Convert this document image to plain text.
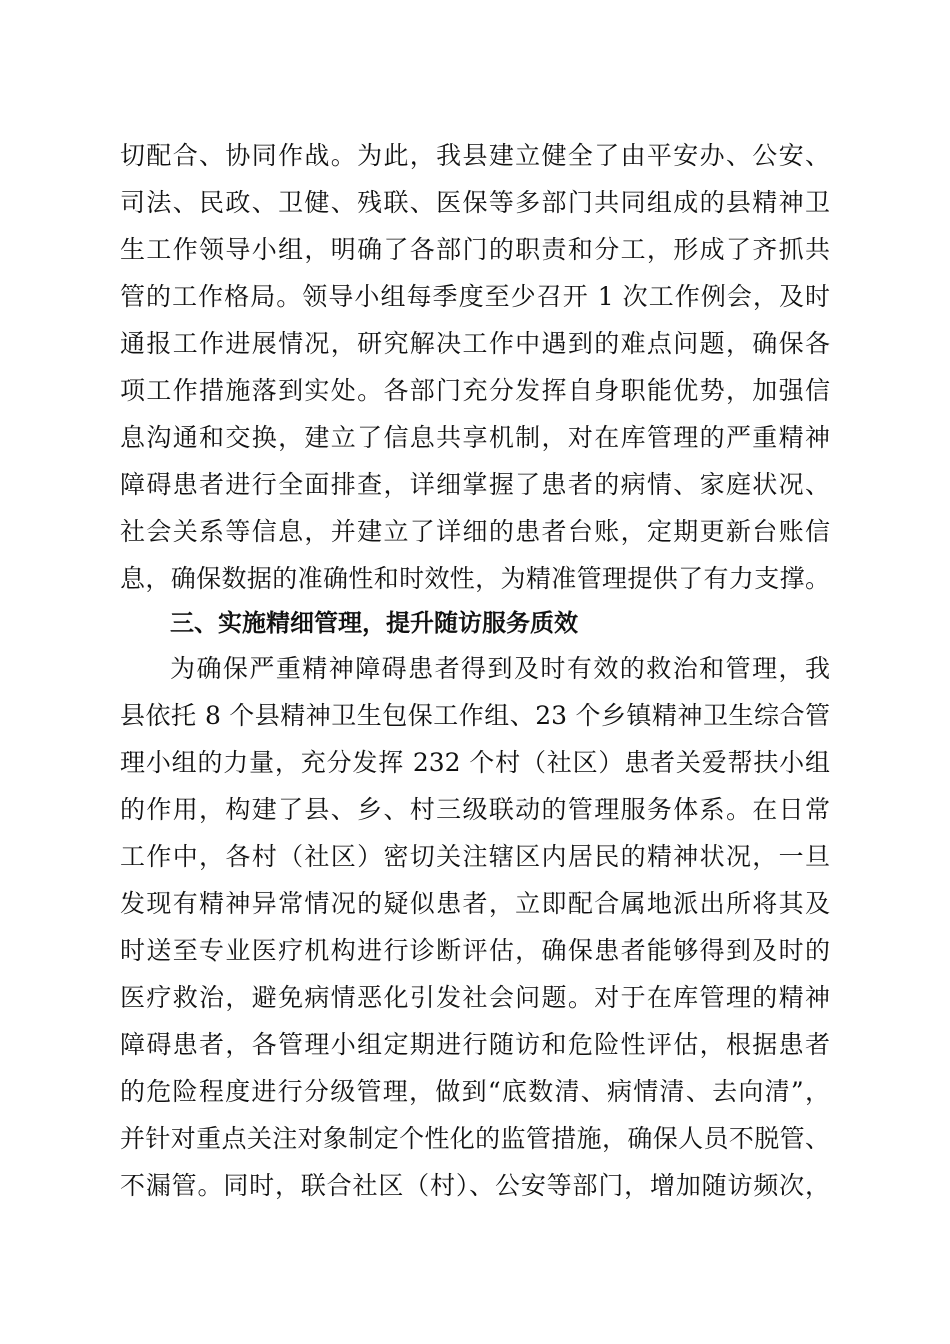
切配合、协同作战。为此，我县建立健全了由平安办、公安、
司法、民政、卫健、残联、医保等多部门共同组成的县精神卫
生工作领导小组，明确了各部门的职责和分工，形成了齐抓共
管的工作格局。领导小组每季度至少召开 1 次工作例会，及时
通报工作进展情况，研究解决工作中遇到的难点问题，确保各
项工作措施落到实处。各部门充分发挥自身职能优势，加强信
息沟通和交换，建立了信息共享机制，对在库管理的严重精神
障碍患者进行全面排查，详细掌握了患者的病情、家庭状况、
社会关系等信息，并建立了详细的患者台账，定期更新台账信
息，确保数据的准确性和时效性，为精准管理提供了有力支撑。
三、实施精细管理，提升随访服务质效
为确保严重精神障碍患者得到及时有效的救治和管理，我
县依托 8 个县精神卫生包保工作组、23 个乡镇精神卫生综合管
理小组的力量，充分发挥 232 个村（社区）患者关爱帮扶小组
的作用，构建了县、乡、村三级联动的管理服务体系。在日常
工作中，各村（社区）密切关注辖区内居民的精神状况，一旦
发现有精神异常情况的疑似患者，立即配合属地派出所将其及
时送至专业医疗机构进行诊断评估，确保患者能够得到及时的
医疗救治，避免病情恶化引发社会问题。对于在库管理的精神
障碍患者，各管理小组定期进行随访和危险性评估，根据患者
的危险程度进行分级管理，做到“底数清、病情清、去向清”，
并针对重点关注对象制定个性化的监管措施，确保人员不脱管、
不漏管。同时，联合社区（村）、公安等部门，增加随访频次，
